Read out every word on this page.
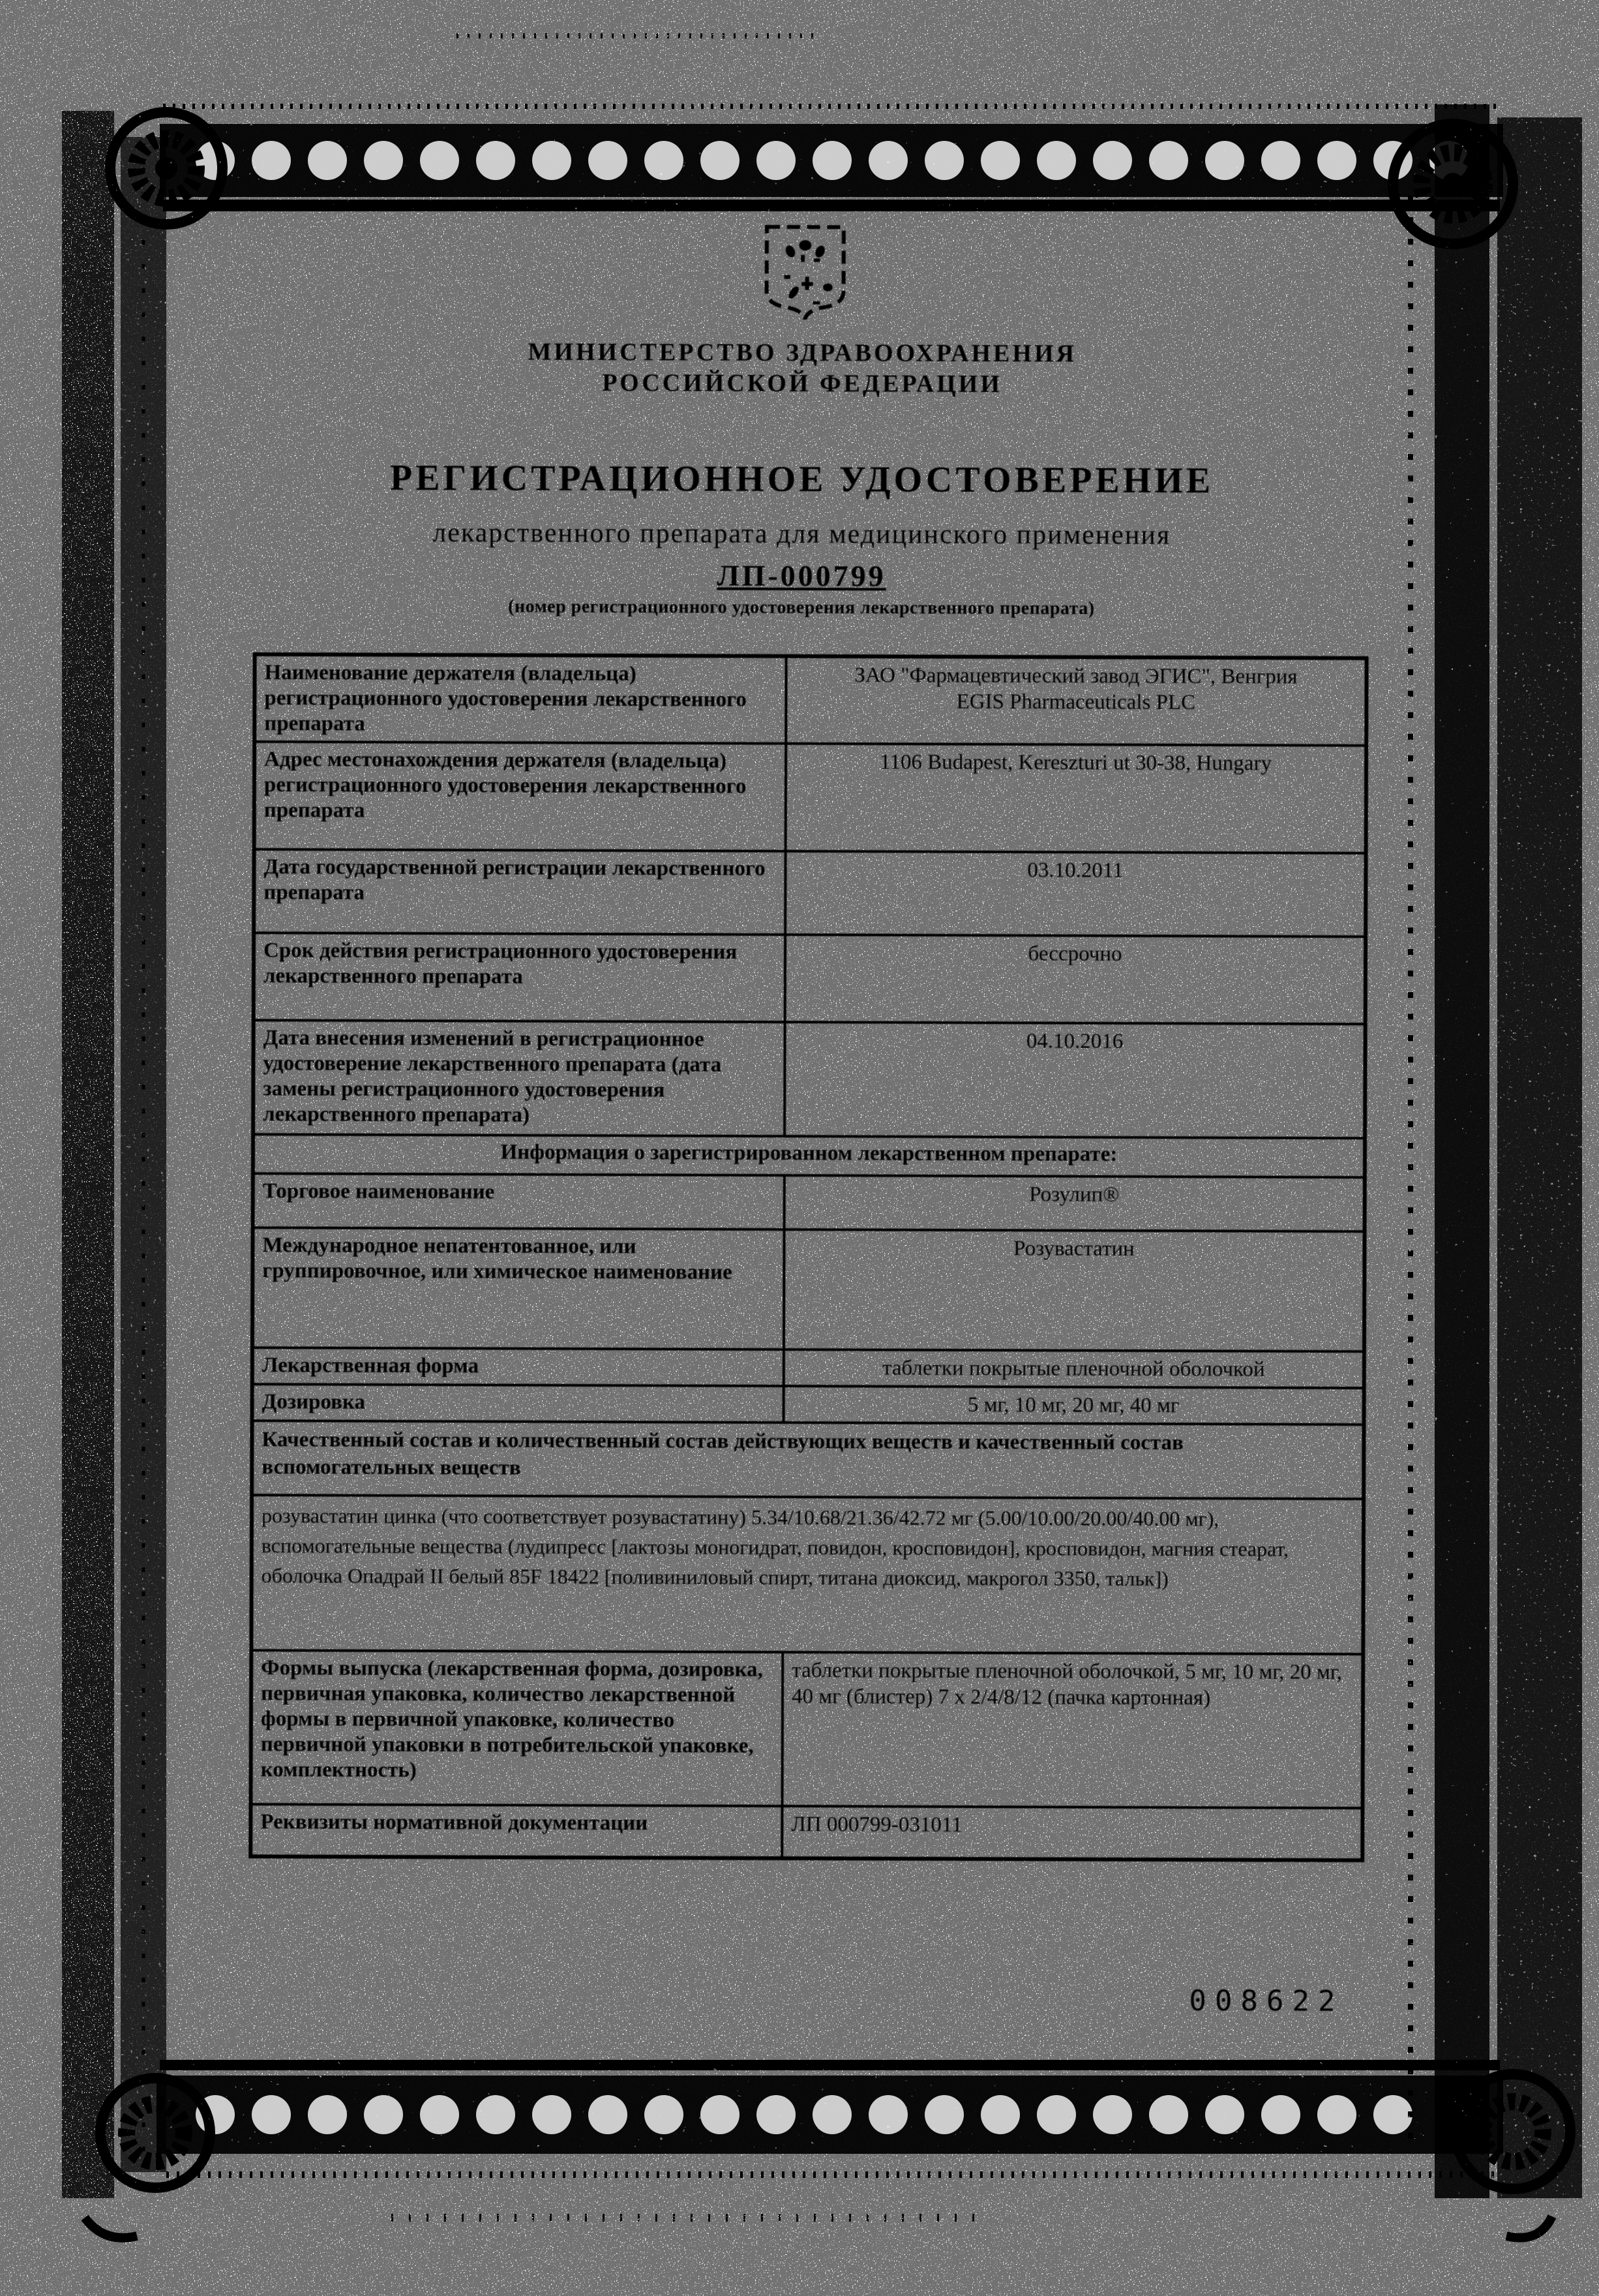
МИНИСТЕРСТВО ЗДРАВООХРАНЕНИЯ
РОССИЙСКОЙ ФЕДЕРАЦИИ
РЕГИСТРАЦИОННОЕ УДОСТОВЕРЕНИЕ
лекарственного препарата для медицинского применения
ЛП-000799
(номер регистрационного удостоверения лекарственного препарата)
Наименование держателя (владельца) регистрационного удостоверения лекарственного препарата	ЗАО "Фармацевтический завод ЭГИС", Венгрия
EGIS Pharmaceuticals PLC

Адрес местонахождения держателя (владельца) регистрационного удостоверения лекарственного препарата	1106 Budapest, Kereszturi ut 30-38, Hungary
Дата государственной регистрации лекарственного препарата	03.10.2011
Срок действия регистрационного удостоверения лекарственного препарата	бессрочно
Дата внесения изменений в регистрационное удостоверение лекарственного препарата (дата замены регистрационного удостоверения лекарственного препарата)	04.10.2016
Информация о зарегистрированном лекарственном препарате:	
Торговое наименование	Розулип®
Международное непатентованное, или группировочное, или химическое наименование	Розувастатин
Лекарственная форма	таблетки покрытые пленочной оболочкой
Дозировка	5 мг, 10 мг, 20 мг, 40 мг
Качественный состав и количественный состав действующих веществ и качественный состав вспомогательных веществ	
розувастатин цинка (что соответствует розувастатину) 5.34/10.68/21.36/42.72 мг (5.00/10.00/20.00/40.00 мг), вспомогательные вещества (лудипресс [лактозы моногидрат, повидон, кросповидон], кросповидон, магния стеарат, оболочка Опадрай II белый 85F 18422 [поливиниловый спирт, титана диоксид, макрогол 3350, тальк])	
Формы выпуска (лекарственная форма, дозировка, первичная упаковка, количество лекарственной формы в первичной упаковке, количество первичной упаковки в потребительской упаковке, комплектность)	таблетки покрытые пленочной оболочкой, 5 мг, 10 мг, 20 мг, 40 мг (блистер) 7 х 2/4/8/12 (пачка картонная)
Реквизиты нормативной документации	ЛП 000799-031011
008622
